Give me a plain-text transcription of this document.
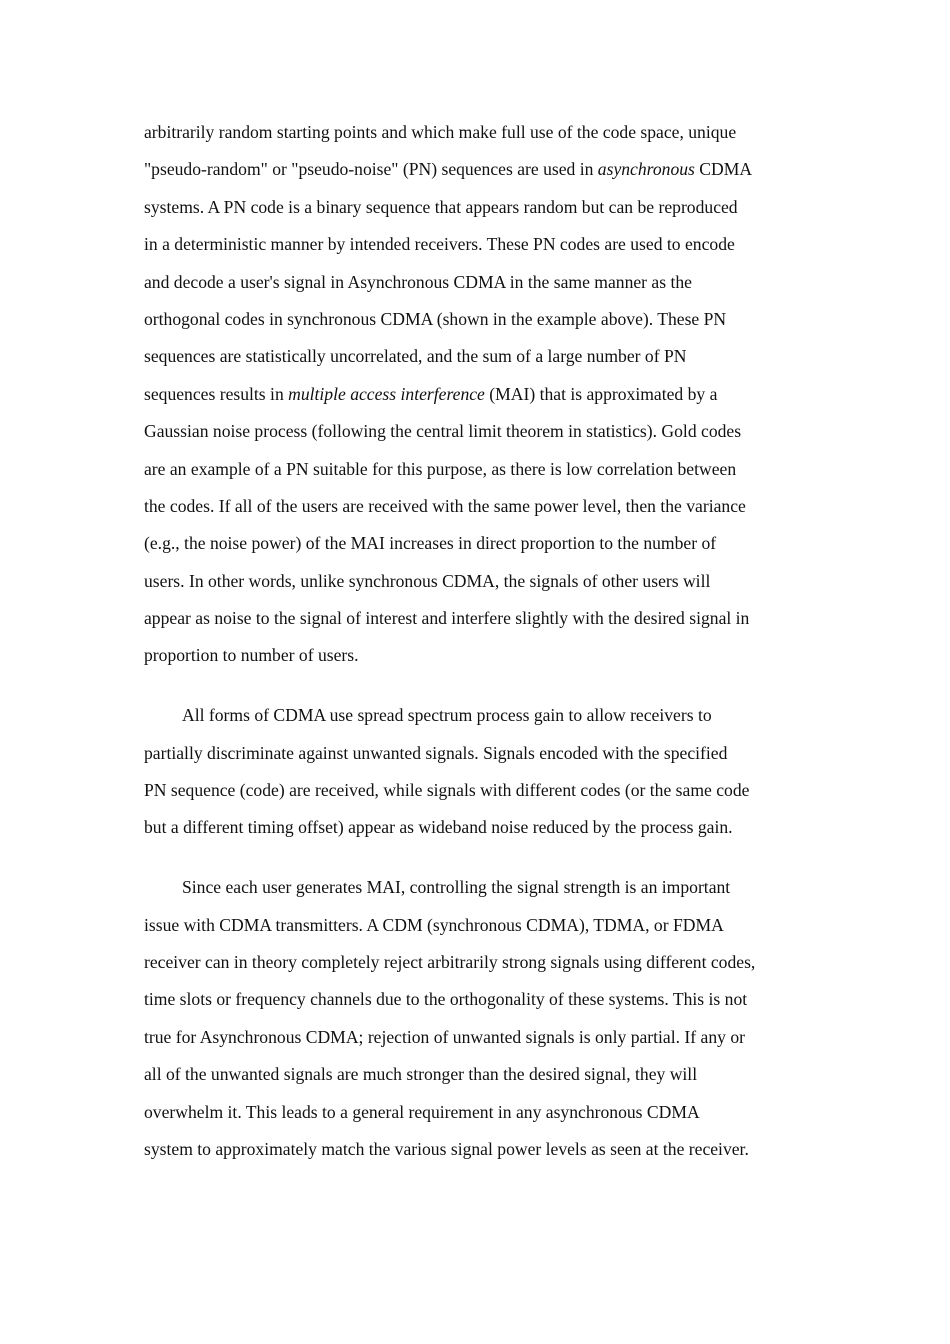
arbitrarily random starting points and which make full use of the code space, unique
"pseudo-random" or "pseudo-noise" (PN) sequences are used in asynchronous CDMA
systems. A PN code is a binary sequence that appears random but can be reproduced
in a deterministic manner by intended receivers. These PN codes are used to encode
and decode a user's signal in Asynchronous CDMA in the same manner as the
orthogonal codes in synchronous CDMA (shown in the example above). These PN
sequences are statistically uncorrelated, and the sum of a large number of PN
sequences results in multiple access interference (MAI) that is approximated by a
Gaussian noise process (following the central limit theorem in statistics). Gold codes
are an example of a PN suitable for this purpose, as there is low correlation between
the codes. If all of the users are received with the same power level, then the variance
(e.g., the noise power) of the MAI increases in direct proportion to the number of
users. In other words, unlike synchronous CDMA, the signals of other users will
appear as noise to the signal of interest and interfere slightly with the desired signal in
proportion to number of users.
All forms of CDMA use spread spectrum process gain to allow receivers to
partially discriminate against unwanted signals. Signals encoded with the specified
PN sequence (code) are received, while signals with different codes (or the same code
but a different timing offset) appear as wideband noise reduced by the process gain.
Since each user generates MAI, controlling the signal strength is an important
issue with CDMA transmitters. A CDM (synchronous CDMA), TDMA, or FDMA
receiver can in theory completely reject arbitrarily strong signals using different codes,
time slots or frequency channels due to the orthogonality of these systems. This is not
true for Asynchronous CDMA; rejection of unwanted signals is only partial. If any or
all of the unwanted signals are much stronger than the desired signal, they will
overwhelm it. This leads to a general requirement in any asynchronous CDMA
system to approximately match the various signal power levels as seen at the receiver.
